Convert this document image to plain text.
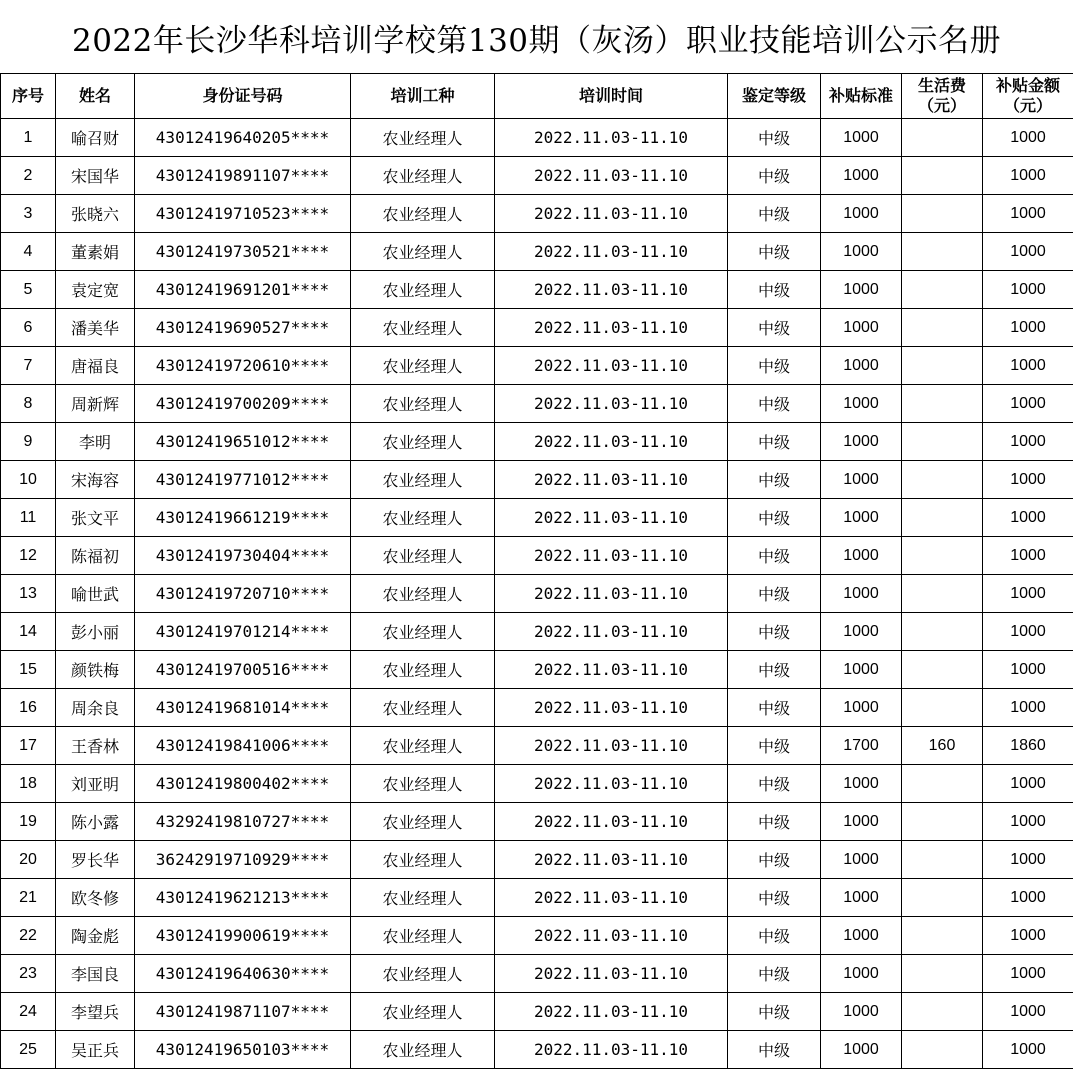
2022年长沙华科培训学校第130期（灰汤）职业技能培训公示名册
序号	姓名	身份证号码	培训工种	培训时间	鉴定等级	补贴标准	生活费（元）	补贴金额（元）
1	喻召财	43012419640205****	农业经理人	2022.11.03-11.10	中级	1000		1000
2	宋国华	43012419891107****	农业经理人	2022.11.03-11.10	中级	1000		1000
3	张晓六	43012419710523****	农业经理人	2022.11.03-11.10	中级	1000		1000
4	董素娟	43012419730521****	农业经理人	2022.11.03-11.10	中级	1000		1000
5	袁定宽	43012419691201****	农业经理人	2022.11.03-11.10	中级	1000		1000
6	潘美华	43012419690527****	农业经理人	2022.11.03-11.10	中级	1000		1000
7	唐福良	43012419720610****	农业经理人	2022.11.03-11.10	中级	1000		1000
8	周新辉	43012419700209****	农业经理人	2022.11.03-11.10	中级	1000		1000
9	李明	43012419651012****	农业经理人	2022.11.03-11.10	中级	1000		1000
10	宋海容	43012419771012****	农业经理人	2022.11.03-11.10	中级	1000		1000
11	张文平	43012419661219****	农业经理人	2022.11.03-11.10	中级	1000		1000
12	陈福初	43012419730404****	农业经理人	2022.11.03-11.10	中级	1000		1000
13	喻世武	43012419720710****	农业经理人	2022.11.03-11.10	中级	1000		1000
14	彭小丽	43012419701214****	农业经理人	2022.11.03-11.10	中级	1000		1000
15	颜铁梅	43012419700516****	农业经理人	2022.11.03-11.10	中级	1000		1000
16	周余良	43012419681014****	农业经理人	2022.11.03-11.10	中级	1000		1000
17	王香林	43012419841006****	农业经理人	2022.11.03-11.10	中级	1700	160	1860
18	刘亚明	43012419800402****	农业经理人	2022.11.03-11.10	中级	1000		1000
19	陈小露	43292419810727****	农业经理人	2022.11.03-11.10	中级	1000		1000
20	罗长华	36242919710929****	农业经理人	2022.11.03-11.10	中级	1000		1000
21	欧冬修	43012419621213****	农业经理人	2022.11.03-11.10	中级	1000		1000
22	陶金彪	43012419900619****	农业经理人	2022.11.03-11.10	中级	1000		1000
23	李国良	43012419640630****	农业经理人	2022.11.03-11.10	中级	1000		1000
24	李望兵	43012419871107****	农业经理人	2022.11.03-11.10	中级	1000		1000
25	吴正兵	43012419650103****	农业经理人	2022.11.03-11.10	中级	1000		1000
